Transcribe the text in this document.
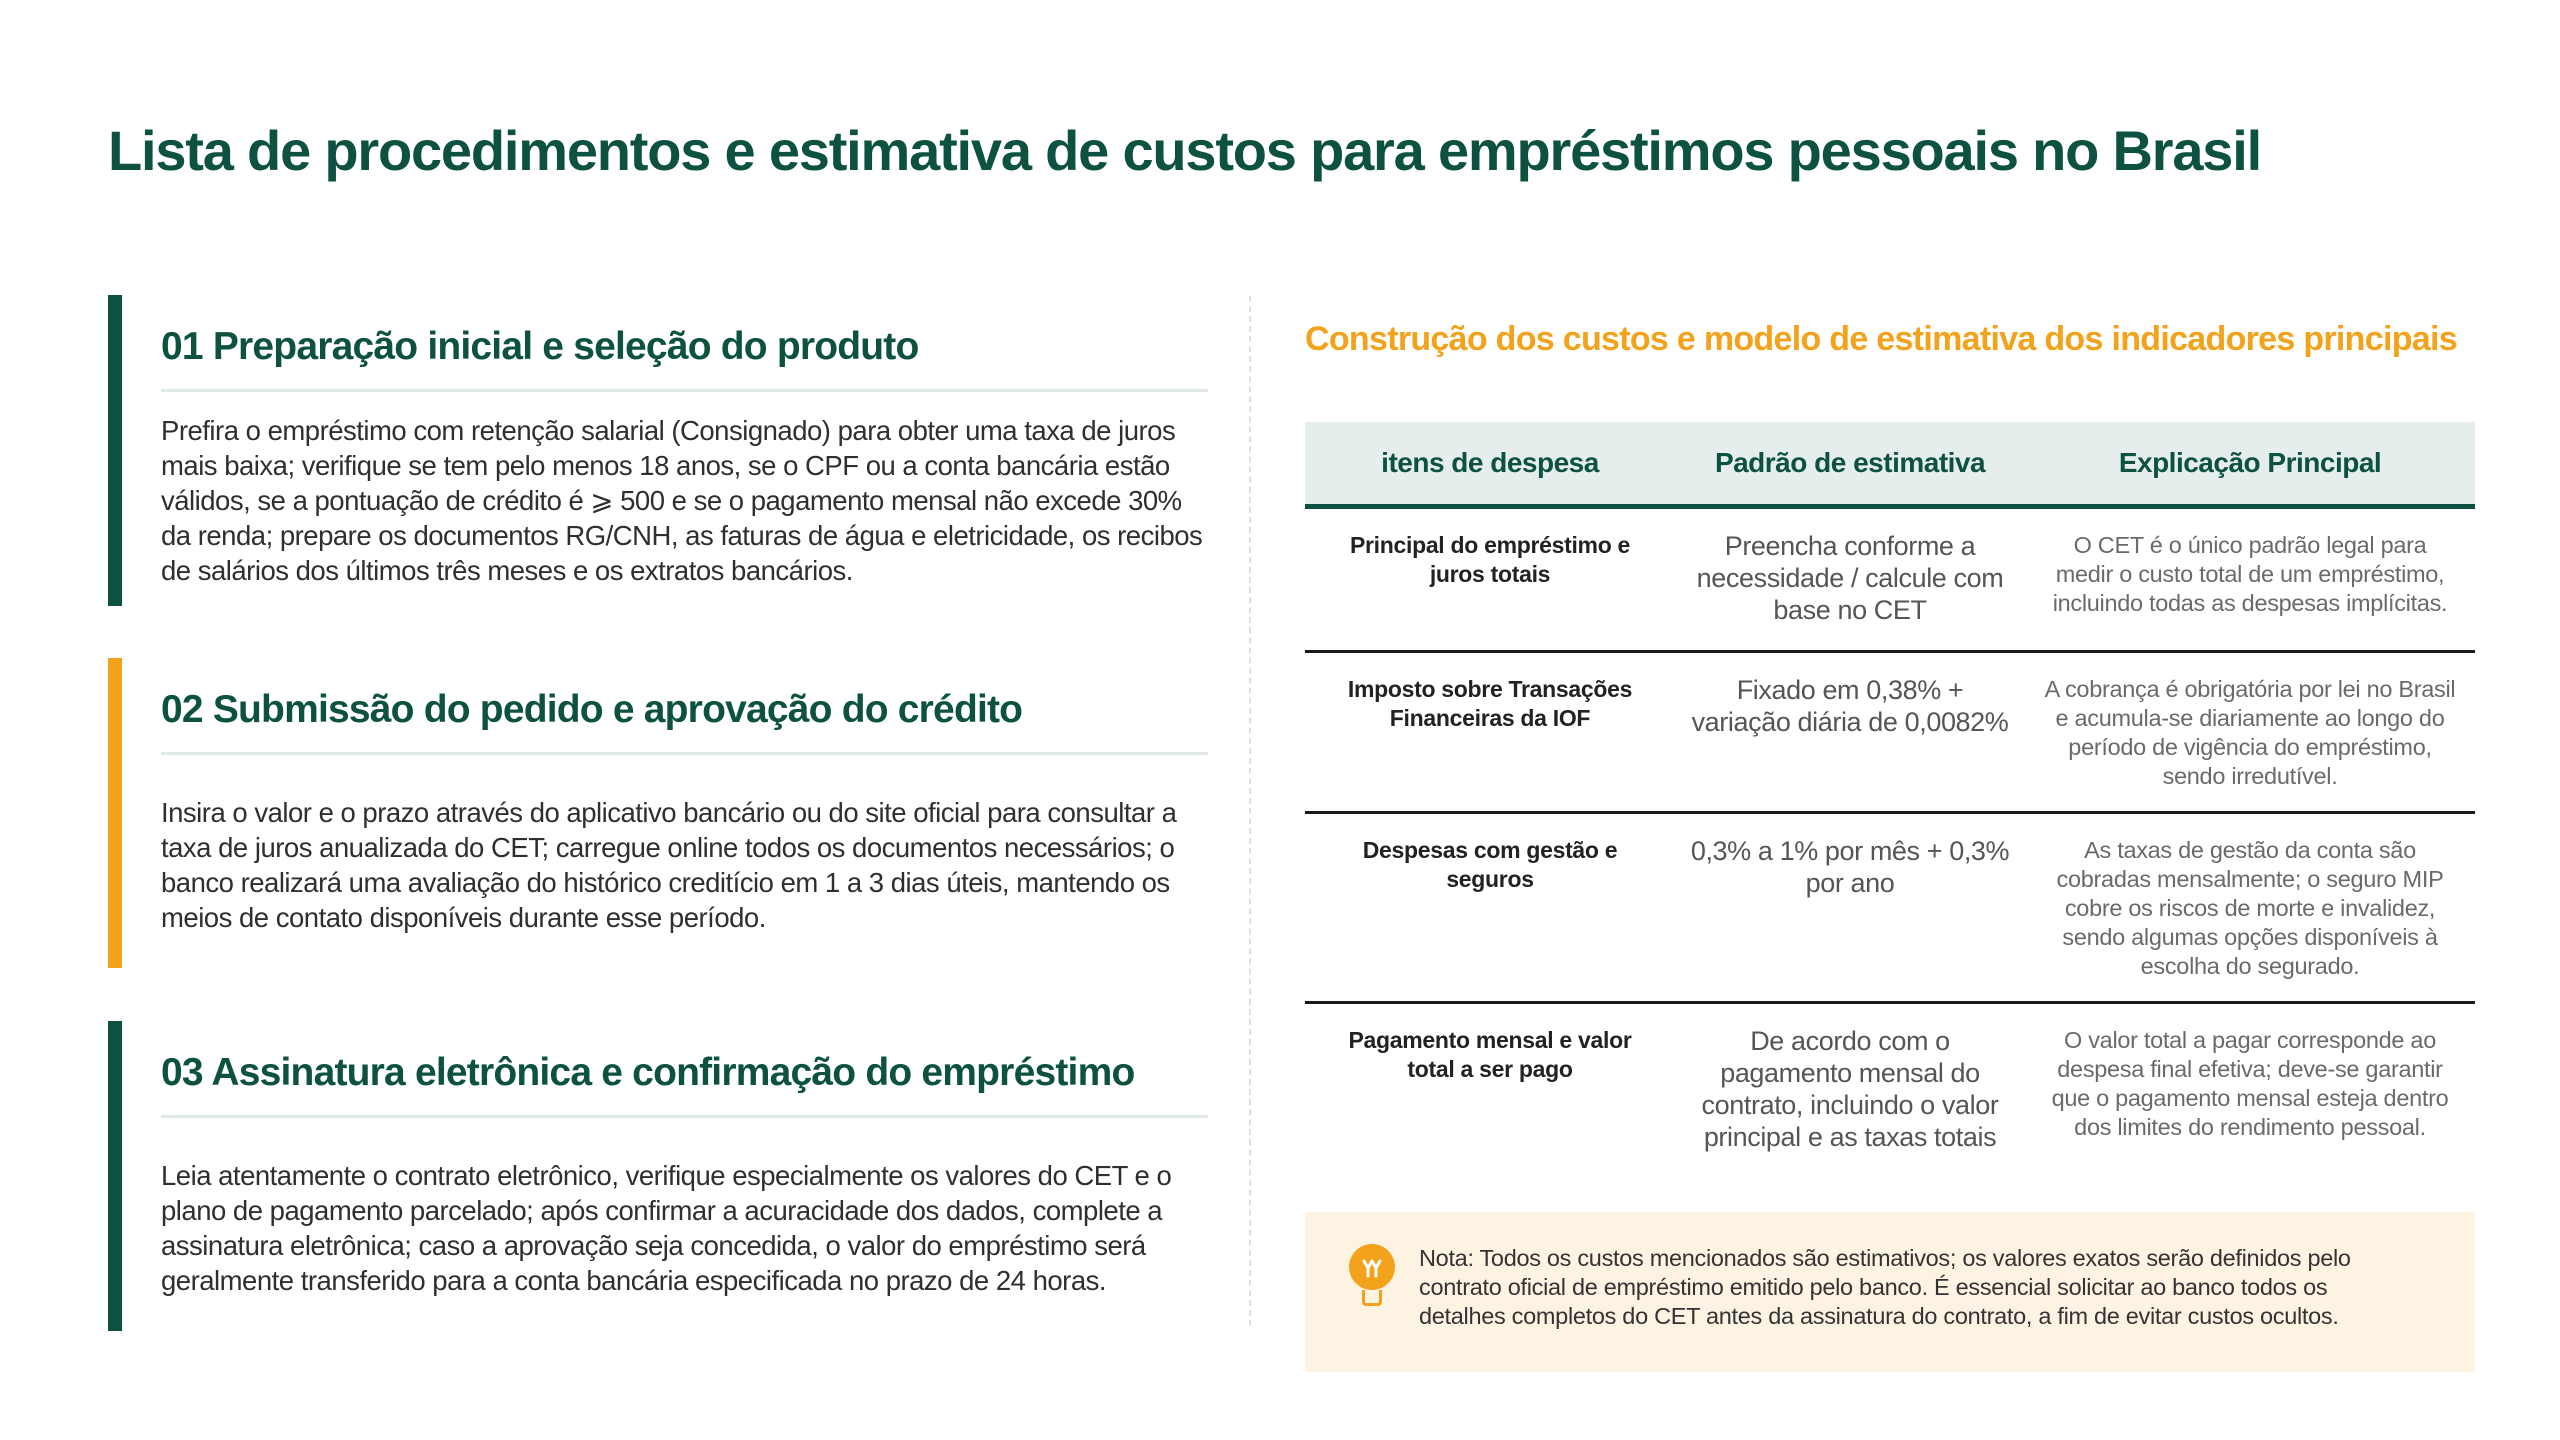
Lista de procedimentos e estimativa de custos para empréstimos pessoais no Brasil
01 Preparação inicial e seleção do produto

Prefira o empréstimo com retenção salarial (Consignado) para obter uma taxa de juros mais baixa; verifique se tem pelo menos 18 anos, se o CPF ou a conta bancária estão válidos, se a pontuação de crédito é ⩾ 500 e se o pagamento mensal não excede 30% da renda; prepare os documentos RG/CNH, as faturas de água e eletricidade, os recibos de salários dos últimos três meses e os extratos bancários.

02 Submissão do pedido e aprovação do crédito

Insira o valor e o prazo através do aplicativo bancário ou do site oficial para consultar a taxa de juros anualizada do CET; carregue online todos os documentos necessários; o banco realizará uma avaliação do histórico creditício em 1 a 3 dias úteis, mantendo os meios de contato disponíveis durante esse período.

03 Assinatura eletrônica e confirmação do empréstimo

Leia atentamente o contrato eletrônico, verifique especialmente os valores do CET e o plano de pagamento parcelado; após confirmar a acuracidade dos dados, complete a assinatura eletrônica; caso a aprovação seja concedida, o valor do empréstimo será geralmente transferido para a conta bancária especificada no prazo de 24 horas.

Construção dos custos e modelo de estimativa dos indicadores principais
itens de despesa	Padrão de estimativa	Explicação Principal
Principal do empréstimo e juros totais	Preencha conforme a necessidade / calcule com base no CET	O CET é o único padrão legal para medir o custo total de um empréstimo, incluindo todas as despesas implícitas.
Imposto sobre Transações Financeiras da IOF	Fixado em 0,38% + variação diária de 0,0082%	A cobrança é obrigatória por lei no Brasil e acumula-se diariamente ao longo do período de vigência do empréstimo, sendo irredutível.
Despesas com gestão e seguros	0,3% a 1% por mês + 0,3% por ano	As taxas de gestão da conta são cobradas mensalmente; o seguro MIP cobre os riscos de morte e invalidez, sendo algumas opções disponíveis à escolha do segurado.
Pagamento mensal e valor total a ser pago	De acordo com o pagamento mensal do contrato, incluindo o valor principal e as taxas totais	O valor total a pagar corresponde ao despesa final efetiva; deve-se garantir que o pagamento mensal esteja dentro dos limites do rendimento pessoal.

Nota: Todos os custos mencionados são estimativos; os valores exatos serão definidos pelo contrato oficial de empréstimo emitido pelo banco. É essencial solicitar ao banco todos os detalhes completos do CET antes da assinatura do contrato, a fim de evitar custos ocultos.
